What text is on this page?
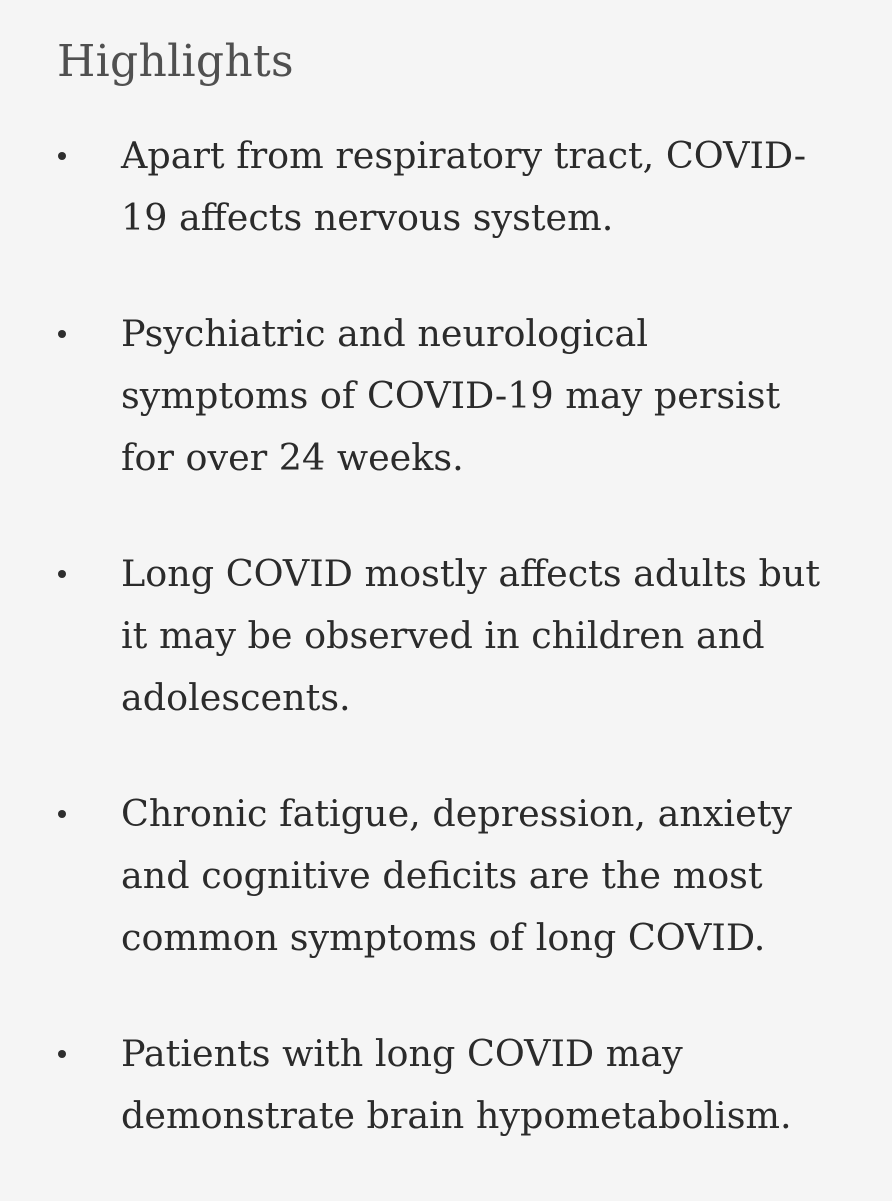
Highlights
Apart from respiratory tract, COVID-19 affects nervous system.
Psychiatric and neurological symptoms of COVID-19 may persist for over 24 weeks.
Long COVID mostly affects adults but it may be observed in children and adolescents.
Chronic fatigue, depression, anxiety and cognitive deficits are the most common symptoms of long COVID.
Patients with long COVID may demonstrate brain hypometabolism.
